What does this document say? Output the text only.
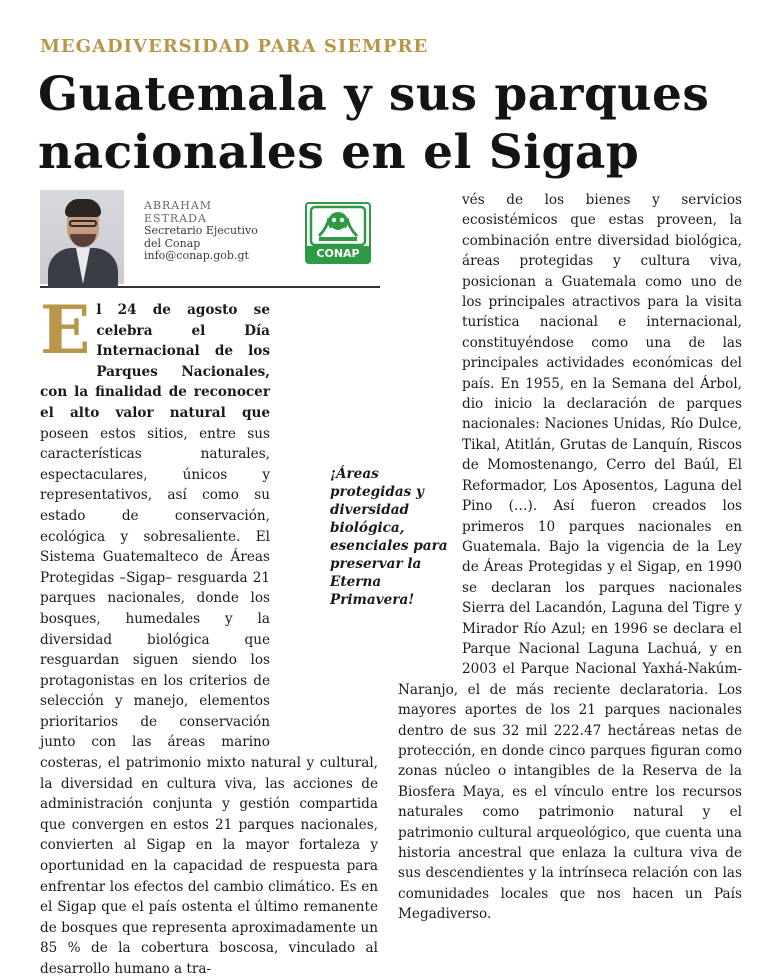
MEGADIVERSIDAD PARA SIEMPRE
Guatemala y sus parques
nacionales en el Sigap
ABRAHAM
ESTRADA
Secretario Ejecutivo
del Conap
info@conap.gob.gt	CONAP
El 24 de agosto se celebra el Día Internacional de los Parques Nacionales, con la finalidad de reconocer el alto valor natural que poseen estos sitios, entre sus características naturales, espectaculares, únicos y representativos, así como su estado de conservación, ecológica y sobresaliente. El Sistema Guatemalteco de Áreas Protegidas –Sigap– resguarda 21 parques nacionales, donde los bosques, humedales y la diversidad biológica que resguardan siguen siendo los protagonistas en los criterios de selección y manejo, elementos prioritarios de conservación junto con las áreas marino costeras, el patrimonio mixto natural y cultural, la diversidad en cultura viva, las acciones de administración conjunta y gestión compartida que convergen en estos 21 parques nacionales, convierten al Sigap en la mayor fortaleza y oportunidad en la capacidad de respuesta para enfrentar los efectos del cambio climático. Es en el Sigap que el país ostenta el último remanente de bosques que representa aproximadamente un 85 % de la cobertura boscosa, vinculado al desarrollo humano a tra-
¡Áreas protegidas y diversidad biológica, esenciales para preservar la Eterna Primavera!
vés de los bienes y servicios ecosistémicos que estas proveen, la combinación entre diversidad biológica, áreas protegidas y cultura viva, posicionan a Guatemala como uno de los principales atractivos para la visita turística nacional e internacional, constituyéndose como una de las principales actividades económicas del país. En 1955, en la Semana del Árbol, dio inicio la declaración de parques nacionales: Naciones Unidas, Río Dulce, Tikal, Atitlán, Grutas de Lanquín, Riscos de Momostenango, Cerro del Baúl, El Reformador, Los Aposentos, Laguna del Pino (…). Así fueron creados los primeros 10 parques nacionales en Guatemala. Bajo la vigencia de la Ley de Áreas Protegidas y el Sigap, en 1990 se declaran los parques nacionales Sierra del Lacandón, Laguna del Tigre y Mirador Río Azul; en 1996 se declara el Parque Nacional Laguna Lachuá, y en 2003 el Parque Nacional Yaxhá-Nakúm-Naranjo, el de más reciente declaratoria. Los mayores aportes de los 21 parques nacionales dentro de sus 32 mil 222.47 hectáreas netas de protección, en donde cinco parques figuran como zonas núcleo o intangibles de la Reserva de la Biosfera Maya, es el vínculo entre los recursos naturales como patrimonio natural y el patrimonio cultural arqueológico, que cuenta una historia ancestral que enlaza la cultura viva de sus descendientes y la intrínseca relación con las comunidades locales que nos hacen un País Megadiverso.
